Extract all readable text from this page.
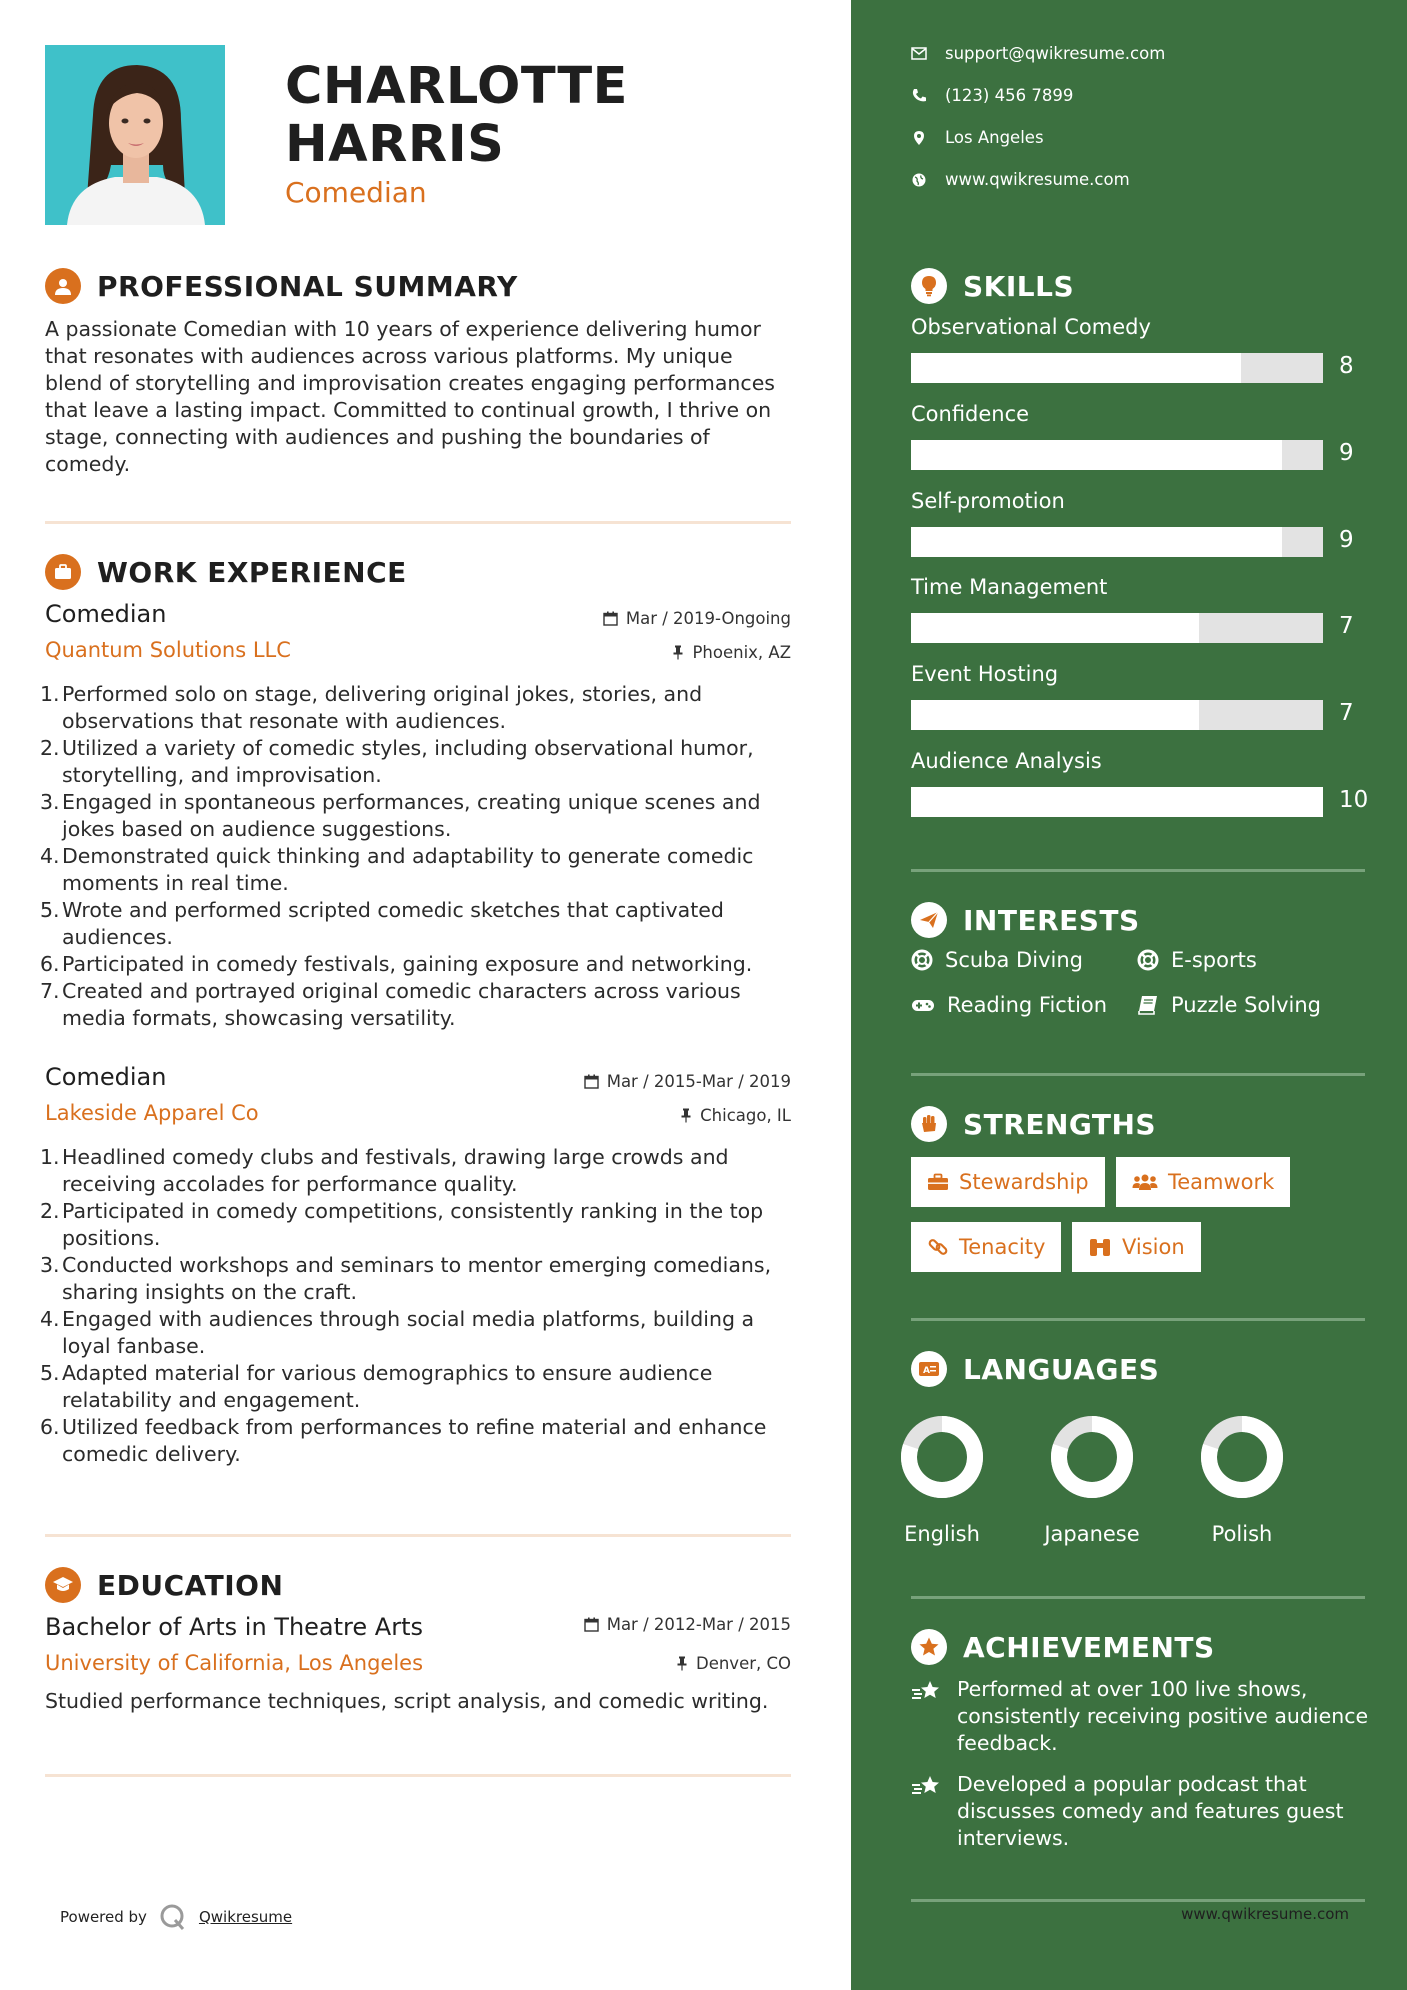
CHARLOTTE
HARRIS
Comedian
PROFESSIONAL SUMMARY
A passionate Comedian with 10 years of experience delivering humor that resonates with audiences across various platforms. My unique blend of storytelling and improvisation creates engaging performances that leave a lasting impact. Committed to continual growth, I thrive on stage, connecting with audiences and pushing the boundaries of comedy.
WORK EXPERIENCE
Comedian	Mar / 2019-Ongoing
Quantum Solutions LLC	Phoenix, AZ
1. Performed solo on stage, delivering original jokes, stories, and observations that resonate with audiences.
2. Utilized a variety of comedic styles, including observational humor, storytelling, and improvisation.
3. Engaged in spontaneous performances, creating unique scenes and jokes based on audience suggestions.
4. Demonstrated quick thinking and adaptability to generate comedic moments in real time.
5. Wrote and performed scripted comedic sketches that captivated audiences.
6. Participated in comedy festivals, gaining exposure and networking.
7. Created and portrayed original comedic characters across various media formats, showcasing versatility.
Comedian	Mar / 2015-Mar / 2019
Lakeside Apparel Co	Chicago, IL
1. Headlined comedy clubs and festivals, drawing large crowds and receiving accolades for performance quality.
2. Participated in comedy competitions, consistently ranking in the top positions.
3. Conducted workshops and seminars to mentor emerging comedians, sharing insights on the craft.
4. Engaged with audiences through social media platforms, building a loyal fanbase.
5. Adapted material for various demographics to ensure audience relatability and engagement.
6. Utilized feedback from performances to refine material and enhance comedic delivery.
EDUCATION
Bachelor of Arts in Theatre Arts	Mar / 2012-Mar / 2015
University of California, Los Angeles	Denver, CO
Studied performance techniques, script analysis, and comedic writing.
Powered by	Qwikresume
support@qwikresume.com
(123) 456 7899
Los Angeles
www.qwikresume.com
SKILLS
Observational Comedy
8
Confidence
9
Self-promotion
9
Time Management
7
Event Hosting
7
Audience Analysis
10
INTERESTS
Scuba Diving	E-sports
Reading Fiction	Puzzle Solving
STRENGTHS
Stewardship	Teamwork
Tenacity	Vision
A LANGUAGES
English	Japanese	Polish
ACHIEVEMENTS
Performed at over 100 live shows, consistently receiving positive audience feedback.
Developed a popular podcast that discusses comedy and features guest interviews.
www.qwikresume.com
